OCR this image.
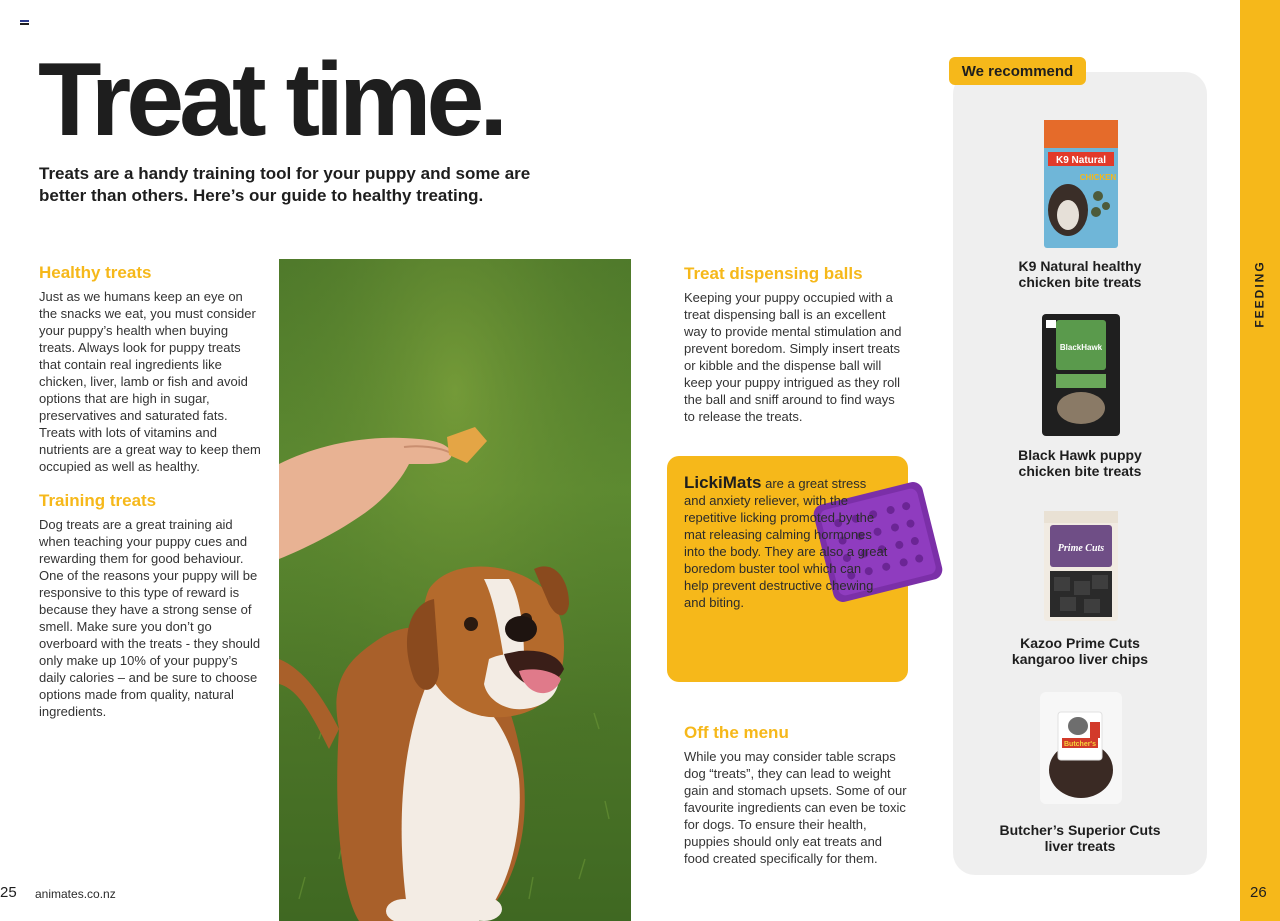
Treat time.

Treats are a handy training tool for your puppy and some are better than others. Here’s our guide to healthy treating.

Healthy treats

Just as we humans keep an eye on the snacks we eat, you must consider your puppy’s health when buying treats. Always look for puppy treats that contain real ingredients like chicken, liver, lamb or fish and avoid options that are high in sugar, preservatives and saturated fats. Treats with lots of vitamins and nutrients are a great way to keep them occupied as well as healthy.

Training treats

Dog treats are a great training aid when teaching your puppy cues and rewarding them for good behaviour. One of the reasons your puppy will be responsive to this type of reward is because they have a strong sense of smell. Make sure you don’t go overboard with the treats - they should only make up 10% of your puppy’s daily calories – and be sure to choose options made from quality, natural ingredients.

Treat dispensing balls

Keeping your puppy occupied with a treat dispensing ball is an excellent way to provide mental stimulation and prevent boredom. Simply insert treats or kibble and the dispense ball will keep your puppy intrigued as they roll the ball and sniff around to find ways to release the treats.

LickiMats are a great stress and anxiety reliever, with the repetitive licking promoted by the mat releasing calming hormones into the body. They are also a great boredom buster tool which can help prevent destructive chewing and biting.
Off the menu

While you may consider table scraps dog “treats”, they can lead to weight gain and stomach upsets. Some of our favourite ingredients can even be toxic for dogs. To ensure their health, puppies should only eat treats and food created specifically for them.

We recommend
K9 Natural
CHICKEN

K9 Natural healthy
chicken bite treats

BlackHawk

Black Hawk puppy
chicken bite treats

Prime Cuts

Kazoo Prime Cuts
kangaroo liver chips

Butcher's

Butcher’s Superior Cuts
liver treats

FEEDING
25 animates.co.nz	26
